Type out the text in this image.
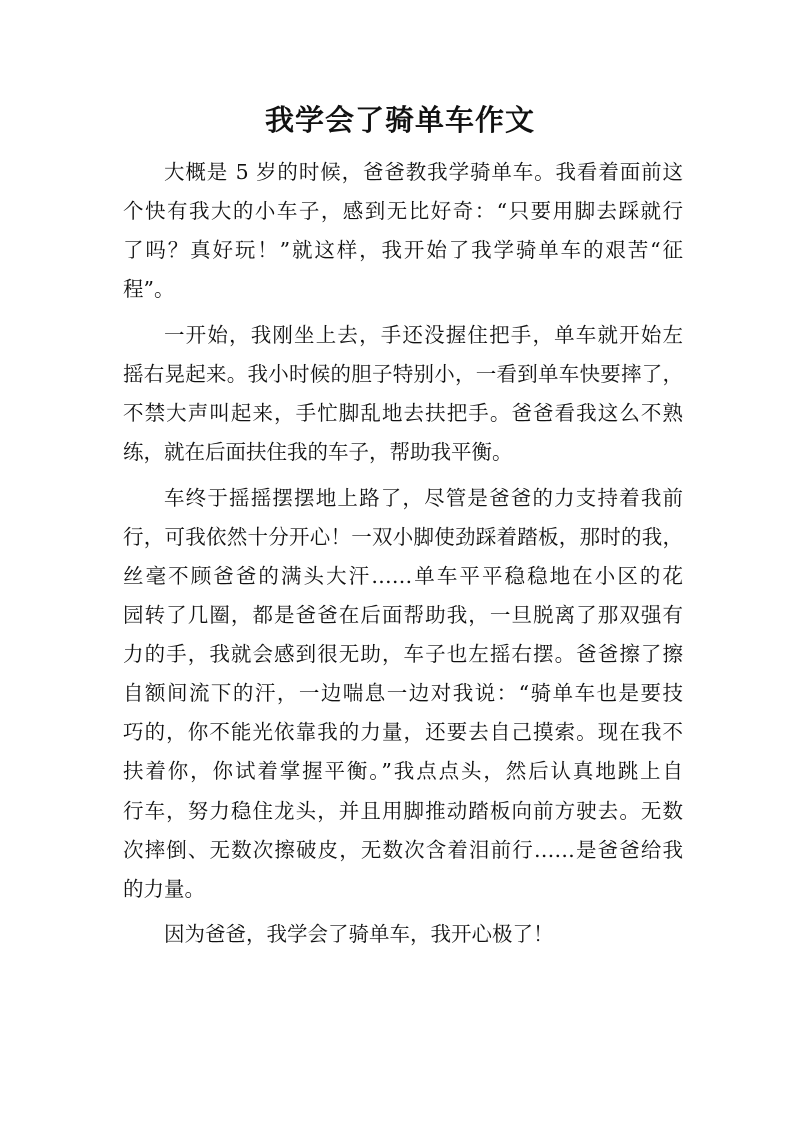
我学会了骑单车作文
大概是 5 岁的时候，爸爸教我学骑单车。我看着面前这
个快有我大的小车子，感到无比好奇：“只要用脚去踩就行
了吗？真好玩！”就这样，我开始了我学骑单车的艰苦“征
程”。
一开始，我刚坐上去，手还没握住把手，单车就开始左
摇右晃起来。我小时候的胆子特别小，一看到单车快要摔了，
不禁大声叫起来，手忙脚乱地去扶把手。爸爸看我这么不熟
练，就在后面扶住我的车子，帮助我平衡。
车终于摇摇摆摆地上路了，尽管是爸爸的力支持着我前
行，可我依然十分开心！一双小脚使劲踩着踏板，那时的我，
丝毫不顾爸爸的满头大汗……单车平平稳稳地在小区的花
园转了几圈，都是爸爸在后面帮助我，一旦脱离了那双强有
力的手，我就会感到很无助，车子也左摇右摆。爸爸擦了擦
自额间流下的汗，一边喘息一边对我说：“骑单车也是要技
巧的，你不能光依靠我的力量，还要去自己摸索。现在我不
扶着你，你试着掌握平衡。”我点点头，然后认真地跳上自
行车，努力稳住龙头，并且用脚推动踏板向前方驶去。无数
次摔倒、无数次擦破皮，无数次含着泪前行……是爸爸给我
的力量。
因为爸爸，我学会了骑单车，我开心极了！
